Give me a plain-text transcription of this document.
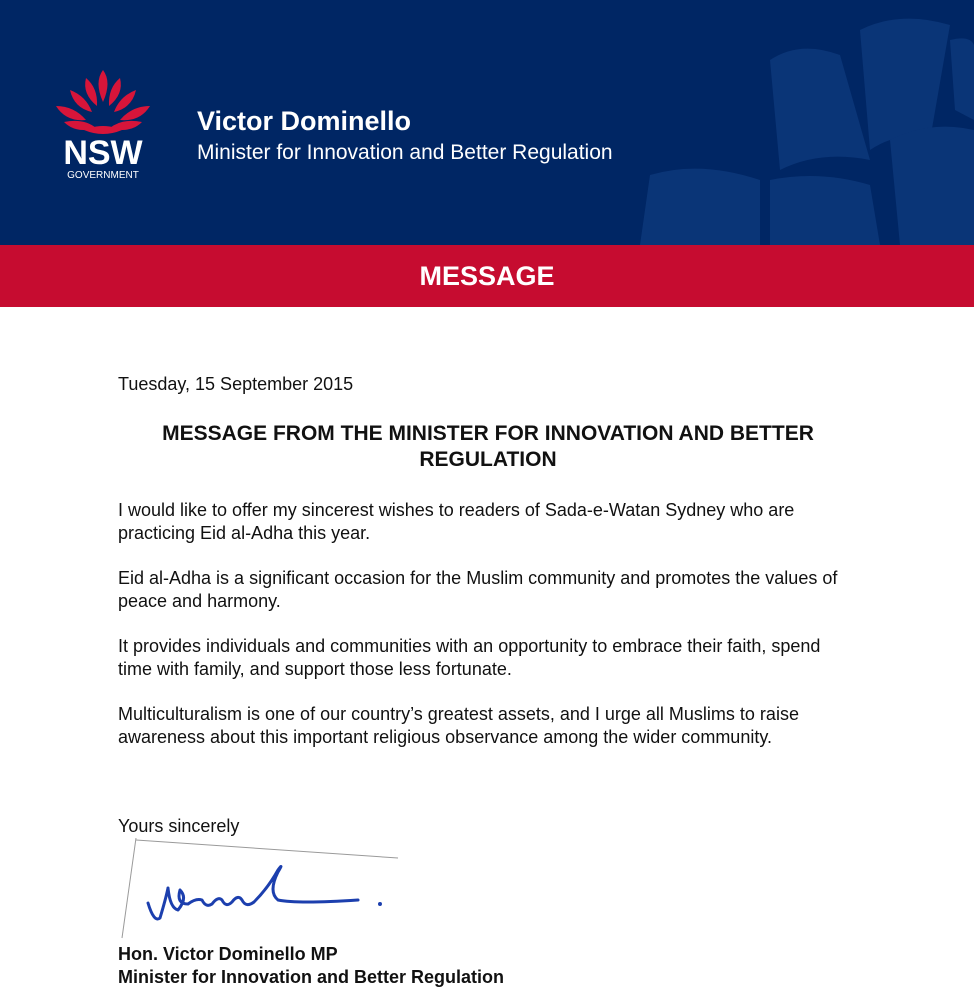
NSW
GOVERNMENT
Victor Dominello
Minister for Innovation and Better Regulation
MESSAGE
Tuesday, 15 September 2015
MESSAGE FROM THE MINISTER FOR INNOVATION AND BETTER REGULATION
I would like to offer my sincerest wishes to readers of Sada-e-Watan Sydney who are practicing Eid al-Adha this year.
Eid al-Adha is a significant occasion for the Muslim community and promotes the values of peace and harmony.
It provides individuals and communities with an opportunity to embrace their faith, spend time with family, and support those less fortunate.
Multiculturalism is one of our country’s greatest assets, and I urge all Muslims to raise awareness about this important religious observance among the wider community.
Yours sincerely
Hon. Victor Dominello MP
Minister for Innovation and Better Regulation
